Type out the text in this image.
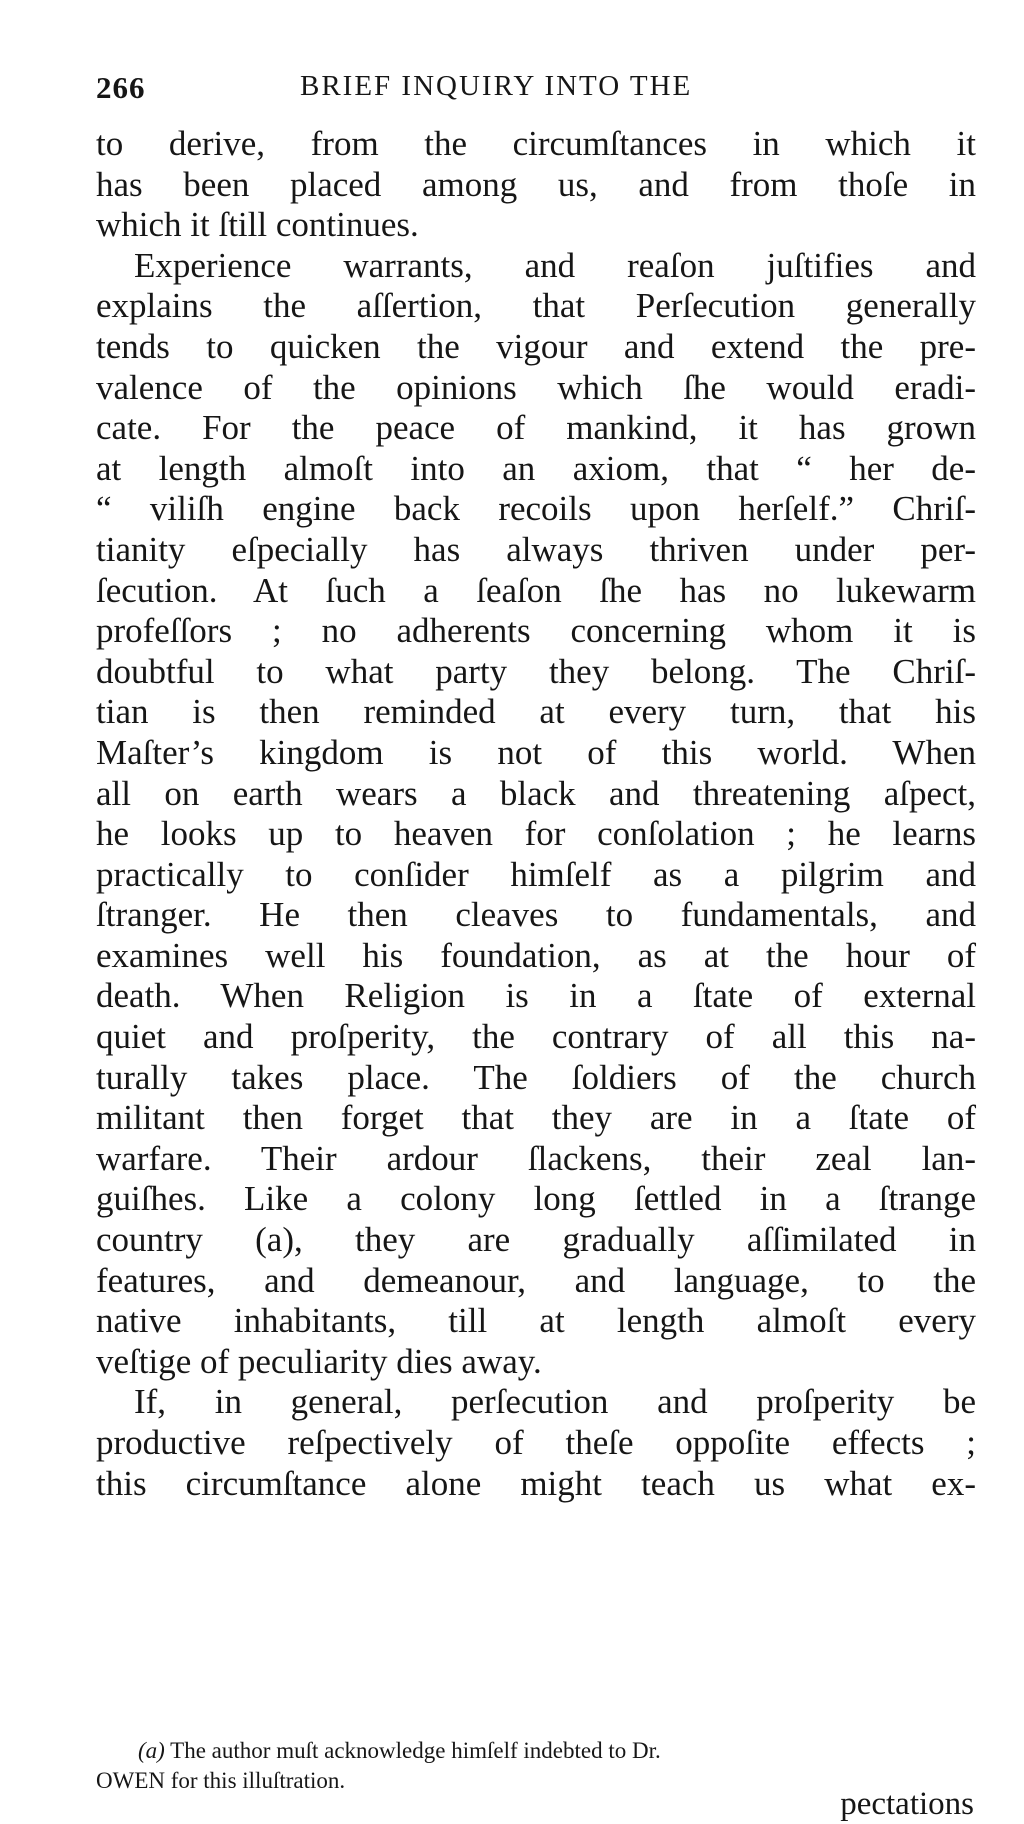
266	BRIEF INQUIRY INTO THE
to derive, from the circumſtances in which it
has been placed among us, and from thoſe in
which it ſtill continues.
Experience warrants, and reaſon juſtifies and
explains the aſſertion, that Perſecution generally
tends to quicken the vigour and extend the pre-
valence of the opinions which ſhe would eradi-
cate. For the peace of mankind, it has grown
at length almoſt into an axiom, that “ her de-
“ viliſh engine back recoils upon herſelf.” Chriſ-
tianity eſpecially has always thriven under per-
ſecution. At ſuch a ſeaſon ſhe has no lukewarm
profeſſors ; no adherents concerning whom it is
doubtful to what party they belong. The Chriſ-
tian is then reminded at every turn, that his
Maſter’s kingdom is not of this world. When
all on earth wears a black and threatening aſpect,
he looks up to heaven for conſolation ; he learns
practically to conſider himſelf as a pilgrim and
ſtranger. He then cleaves to fundamentals, and
examines well his foundation, as at the hour of
death. When Religion is in a ſtate of external
quiet and proſperity, the contrary of all this na-
turally takes place. The ſoldiers of the church
militant then forget that they are in a ſtate of
warfare. Their ardour ſlackens, their zeal lan-
guiſhes. Like a colony long ſettled in a ſtrange
country (a), they are gradually aſſimilated in
features, and demeanour, and language, to the
native inhabitants, till at length almoſt every
veſtige of peculiarity dies away.
If, in general, perſecution and proſperity be
productive reſpectively of theſe oppoſite effects ;
this circumſtance alone might teach us what ex-
(a) The author muſt acknowledge himſelf indebted to Dr.
OWEN for this illuſtration.
pectations
